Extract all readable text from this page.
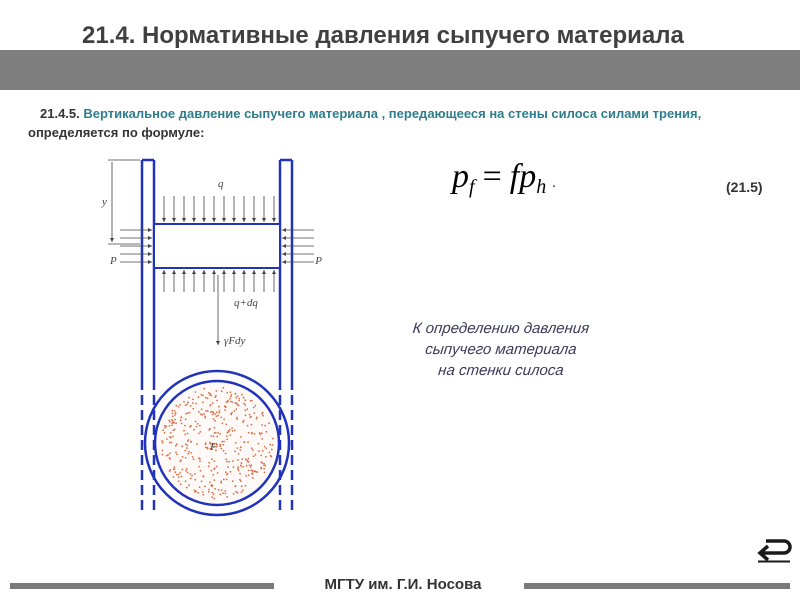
21.4. Нормативные давления сыпучего материала
21.4.5. Вертикальное давление сыпучего материала , передающееся на стены силоса силами трения, определяется по формуле:
$p_f = fp_h$ .	(21.5)
y
q
P	P
q+dq
γFdy
F
К определению давления
сыпучего материала
на стенки силоса
МГТУ им. Г.И. Носова
